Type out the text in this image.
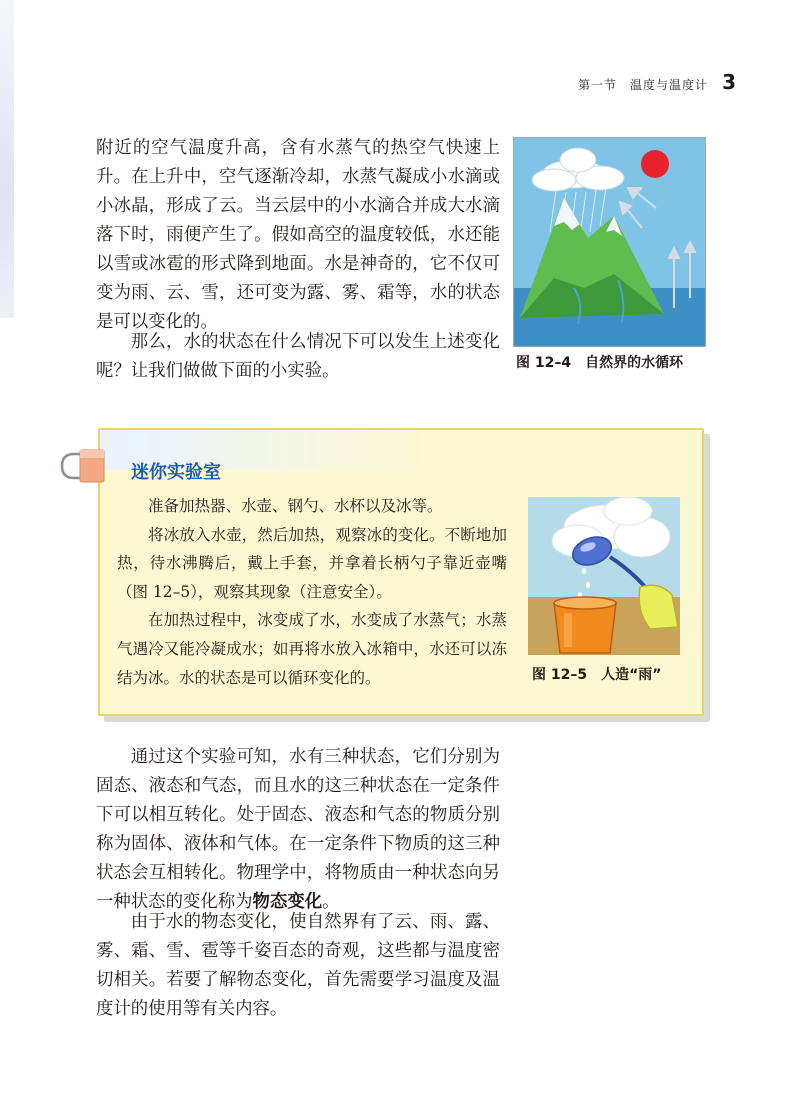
第一节　温度与温度计 3

附近的空气温度升高，含有水蒸气的热空气快速上升。在上升中，空气逐渐冷却，水蒸气凝成小水滴或小冰晶，形成了云。当云层中的小水滴合并成大水滴落下时，雨便产生了。假如高空的温度较低，水还能以雪或冰雹的形式降到地面。水是神奇的，它不仅可变为雨、云、雪，还可变为露、雾、霜等，水的状态是可以变化的。

图 12–4　自然界的水循环

那么，水的状态在什么情况下可以发生上述变化呢？让我们做做下面的小实验。

迷你实验室

准备加热器、水壶、钢勺、水杯以及冰等。
将冰放入水壶，然后加热，观察冰的变化。不断地加热，待水沸腾后，戴上手套，并拿着长柄勺子靠近壶嘴（图 12–5），观察其现象（注意安全）。
在加热过程中，冰变成了水，水变成了水蒸气；水蒸气遇冷又能冷凝成水；如再将水放入冰箱中，水还可以冻结为冰。水的状态是可以循环变化的。	图 12–5　人造“雨”

通过这个实验可知，水有三种状态，它们分别为固态、液态和气态，而且水的这三种状态在一定条件下可以相互转化。处于固态、液态和气态的物质分别称为固体、液体和气体。在一定条件下物质的这三种状态会互相转化。物理学中，将物质由一种状态向另一种状态的变化称为物态变化。

由于水的物态变化，使自然界有了云、雨、露、雾、霜、雪、雹等千姿百态的奇观，这些都与温度密切相关。若要了解物态变化，首先需要学习温度及温度计的使用等有关内容。
